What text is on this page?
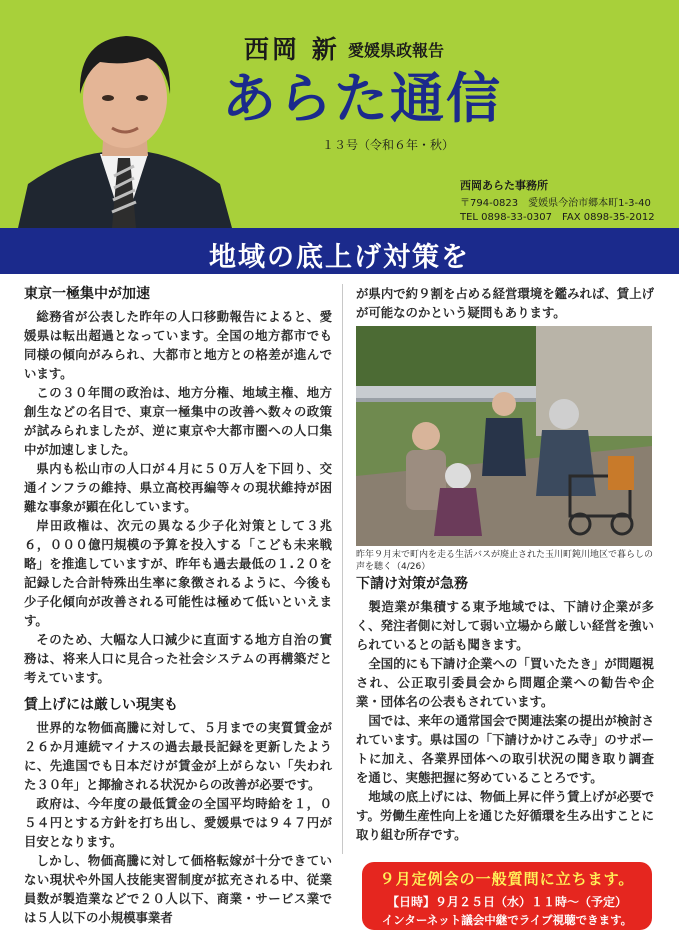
西岡 新 愛媛県政報告
あらた通信
１３号（令和６年・秋）
西岡あらた事務所
〒794-0823　愛媛県今治市郷本町1-3-40
TEL 0898-33-0307　FAX 0898-35-2012
地域の底上げ対策を
東京一極集中が加速

総務省が公表した昨年の人口移動報告によると、愛媛県は転出超過となっています。全国の地方都市でも同様の傾向がみられ、大都市と地方との格差が進んでいます。

この３０年間の政治は、地方分権、地域主権、地方創生などの名目で、東京一極集中の改善へ数々の政策が試みられましたが、逆に東京や大都市圏への人口集中が加速しました。

県内も松山市の人口が４月に５０万人を下回り、交通インフラの維持、県立高校再編等々の現状維持が困難な事象が顕在化しています。

岸田政権は、次元の異なる少子化対策として３兆６，０００億円規模の予算を投入する「こども未来戦略」を推進していますが、昨年も過去最低の１.２０を記録した合計特殊出生率に象徴されるように、今後も少子化傾向が改善される可能性は極めて低いといえます。

そのため、大幅な人口減少に直面する地方自治の實務は、将来人口に見合った社会システムの再構築だと考えています。

賃上げには厳しい現実も

世界的な物価高騰に対して、５月までの実質賃金が２６か月連続マイナスの過去最長記録を更新したように、先進国でも日本だけが賃金が上がらない「失われた３０年」と揶揄される状況からの改善が必要です。

政府は、今年度の最低賃金の全国平均時給を１，０５４円とする方針を打ち出し、愛媛県では９４７円が目安となります。

しかし、物価高騰に対して価格転嫁が十分できていない現状や外国人技能実習制度が拡充される中、従業員数が製造業などで２０人以下、商業・サービス業では５人以下の小規模事業者

が県内で約９割を占める経営環境を鑑みれば、賃上げが可能なのかという疑問もあります。

昨年９月末で町内を走る生活バスが廃止された玉川町鈍川地区で暮らしの声を聴く（4/26）
下請け対策が急務

製造業が集積する東予地域では、下請け企業が多く、発注者側に対して弱い立場から厳しい経営を強いられているとの話も聞きます。

全国的にも下請け企業への「買いたたき」が問題視され、公正取引委員会から問題企業への勧告や企業・団体名の公表もされています。

国では、来年の通常国会で関連法案の提出が検討されています。県は国の「下請けかけこみ寺」のサポートに加え、各業界団体への取引状況の聞き取り調査を通じ、実態把握に努めていることろです。

地域の底上げには、物価上昇に伴う賃上げが必要です。労働生産性向上を通じた好循環を生み出すことに取り組む所存です。

９月定例会の一般質問に立ちます。
【日時】９月２５日（水）１１時～（予定）
インターネット議会中継でライブ視聴できます。
